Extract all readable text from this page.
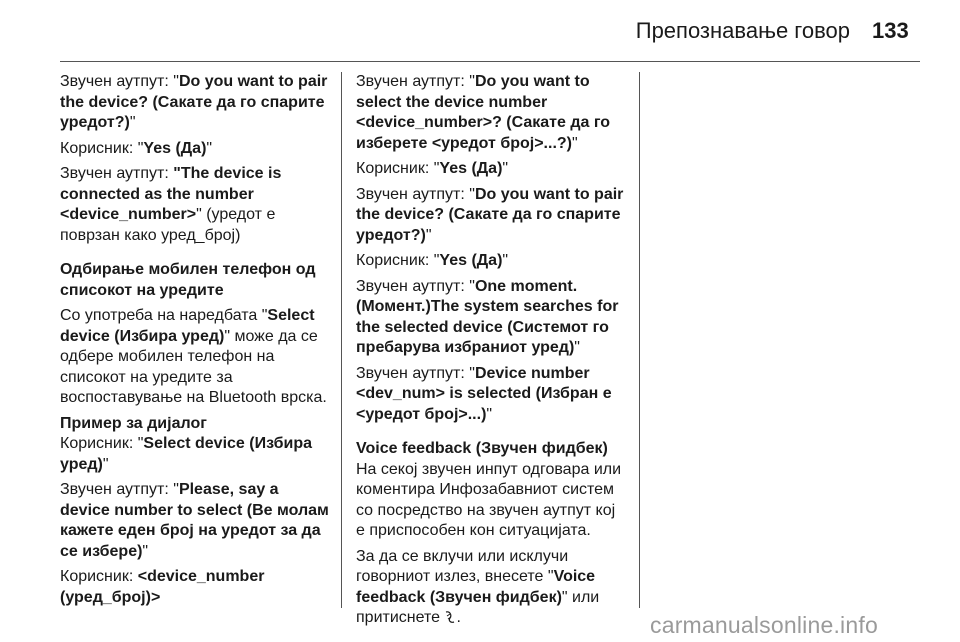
Препознавање говор 133

Звучен аутпут: "Do you want to pair the device? (Сакате да го спарите уредот?)"

Корисник: "Yes (Да)"

Звучен аутпут: "The device is connected as the number <device_number>" (уредот е поврзан како уред_број)

Одбирање мобилен телефон од списокот на уредите

Со употреба на наредбата "Select device (Избира уред)" може да се одбере мобилен телефон на списокот на уредите за воспоставување на Bluetooth врска.

Пример за дијалог

Корисник: "Select device (Избира уред)"

Звучен аутпут: "Please, say a device number to select (Ве молам кажете еден број на уредот за да се избере)"

Корисник: <device_number (уред_број)>

Звучен аутпут: "Do you want to select the device number <device_number>? (Сакате да го изберете <уредот број>...?)"

Корисник: "Yes (Да)"

Звучен аутпут: "Do you want to pair the device? (Сакате да го спарите уредот?)"

Корисник: "Yes (Да)"

Звучен аутпут: "One moment. (Момент.)The system searches for the selected device (Системот го пребарува избраниот уред)"

Звучен аутпут: "Device number <dev_num> is selected (Избран е <уредот број>...)"

Voice feedback (Звучен фидбек)

На секој звучен инпут одговара или коментира Инфозабавниот систем со посредство на звучен аутпут кој е приспособен кон ситуацијата.

За да се вклучи или исклучи говорниот излез, внесете "Voice feedback (Звучен фидбек)" или притиснете .	carmanualsonline.info
